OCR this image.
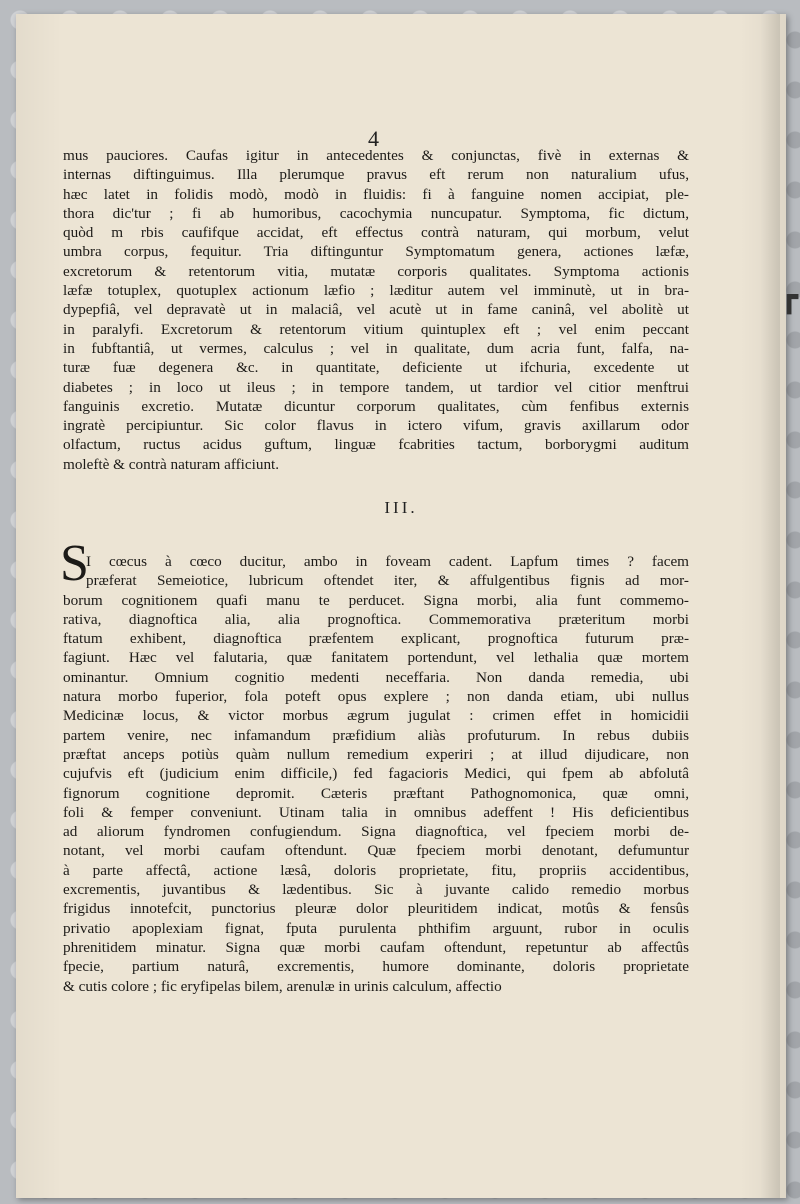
4
mus pauciores. Caufas igitur in antecedentes & conjunctas, fivè in externas &
internas diftinguimus. Illa plerumque pravus eft rerum non naturalium ufus,
hæc latet in folidis modò, modò in fluidis: fi à fanguine nomen accipiat, ple-
thora dic'tur ; fi ab humoribus, cacochymia nuncupatur. Symptoma, fic dictum,
quòd m rbis caufifque accidat, eft effectus contrà naturam, qui morbum, velut
umbra corpus, fequitur. Tria diftinguntur Symptomatum genera, actiones læfæ,
excretorum & retentorum vitia, mutatæ corporis qualitates. Symptoma actionis
læfæ totuplex, quotuplex actionum læfio ; læditur autem vel imminutè, ut in bra-
dypepfiâ, vel depravatè ut in malaciâ, vel acutè ut in fame caninâ, vel abolitè ut
in paralyfi. Excretorum & retentorum vitium quintuplex eft ; vel enim peccant
in fubftantiâ, ut vermes, calculus ; vel in qualitate, dum acria funt, falfa, na-
turæ fuæ degenera &c. in quantitate, deficiente ut ifchuria, excedente ut
diabetes ; in loco ut ileus ; in tempore tandem, ut tardior vel citior menftrui
fanguinis excretio. Mutatæ dicuntur corporum qualitates, cùm fenfibus externis
ingratè percipiuntur. Sic color flavus in ictero vifum, gravis axillarum odor
olfactum, ructus acidus guftum, linguæ fcabrities tactum, borborygmi auditum
moleftè & contrà naturam afficiunt.
III.
S
I cœcus à cœco ducitur, ambo in foveam cadent. Lapfum times ? facem
præferat Semeiotice, lubricum oftendet iter, & affulgentibus fignis ad mor-
borum cognitionem quafi manu te perducet. Signa morbi, alia funt commemo-
rativa, diagnoftica alia, alia prognoftica. Commemorativa præteritum morbi
ftatum exhibent, diagnoftica præfentem explicant, prognoftica futurum præ-
fagiunt. Hæc vel falutaria, quæ fanitatem portendunt, vel lethalia quæ mortem
ominantur. Omnium cognitio medenti neceffaria. Non danda remedia, ubi
natura morbo fuperior, fola poteft opus explere ; non danda etiam, ubi nullus
Medicinæ locus, & victor morbus ægrum jugulat : crimen effet in homicidii
partem venire, nec infamandum præfidium aliàs profuturum. In rebus dubiis
præftat anceps potiùs quàm nullum remedium experiri ; at illud dijudicare, non
cujufvis eft (judicium enim difficile,) fed fagacioris Medici, qui fpem ab abfolutâ
fignorum cognitione depromit. Cæteris præftant Pathognomonica, quæ omni,
foli & femper conveniunt. Utinam talia in omnibus adeffent ! His deficientibus
ad aliorum fyndromen confugiendum. Signa diagnoftica, vel fpeciem morbi de-
notant, vel morbi caufam oftendunt. Quæ fpeciem morbi denotant, defumuntur
à parte affectâ, actione læsâ, doloris proprietate, fitu, propriis accidentibus,
excrementis, juvantibus & lædentibus. Sic à juvante calido remedio morbus
frigidus innotefcit, punctorius pleuræ dolor pleuritidem indicat, motûs & fensûs
privatio apoplexiam fignat, fputa purulenta phthifim arguunt, rubor in oculis
phrenitidem minatur. Signa quæ morbi caufam oftendunt, repetuntur ab affectûs
fpecie, partium naturâ, excrementis, humore dominante, doloris proprietate
& cutis colore ; fic eryfipelas bilem, arenulæ in urinis calculum, affectio
┏
